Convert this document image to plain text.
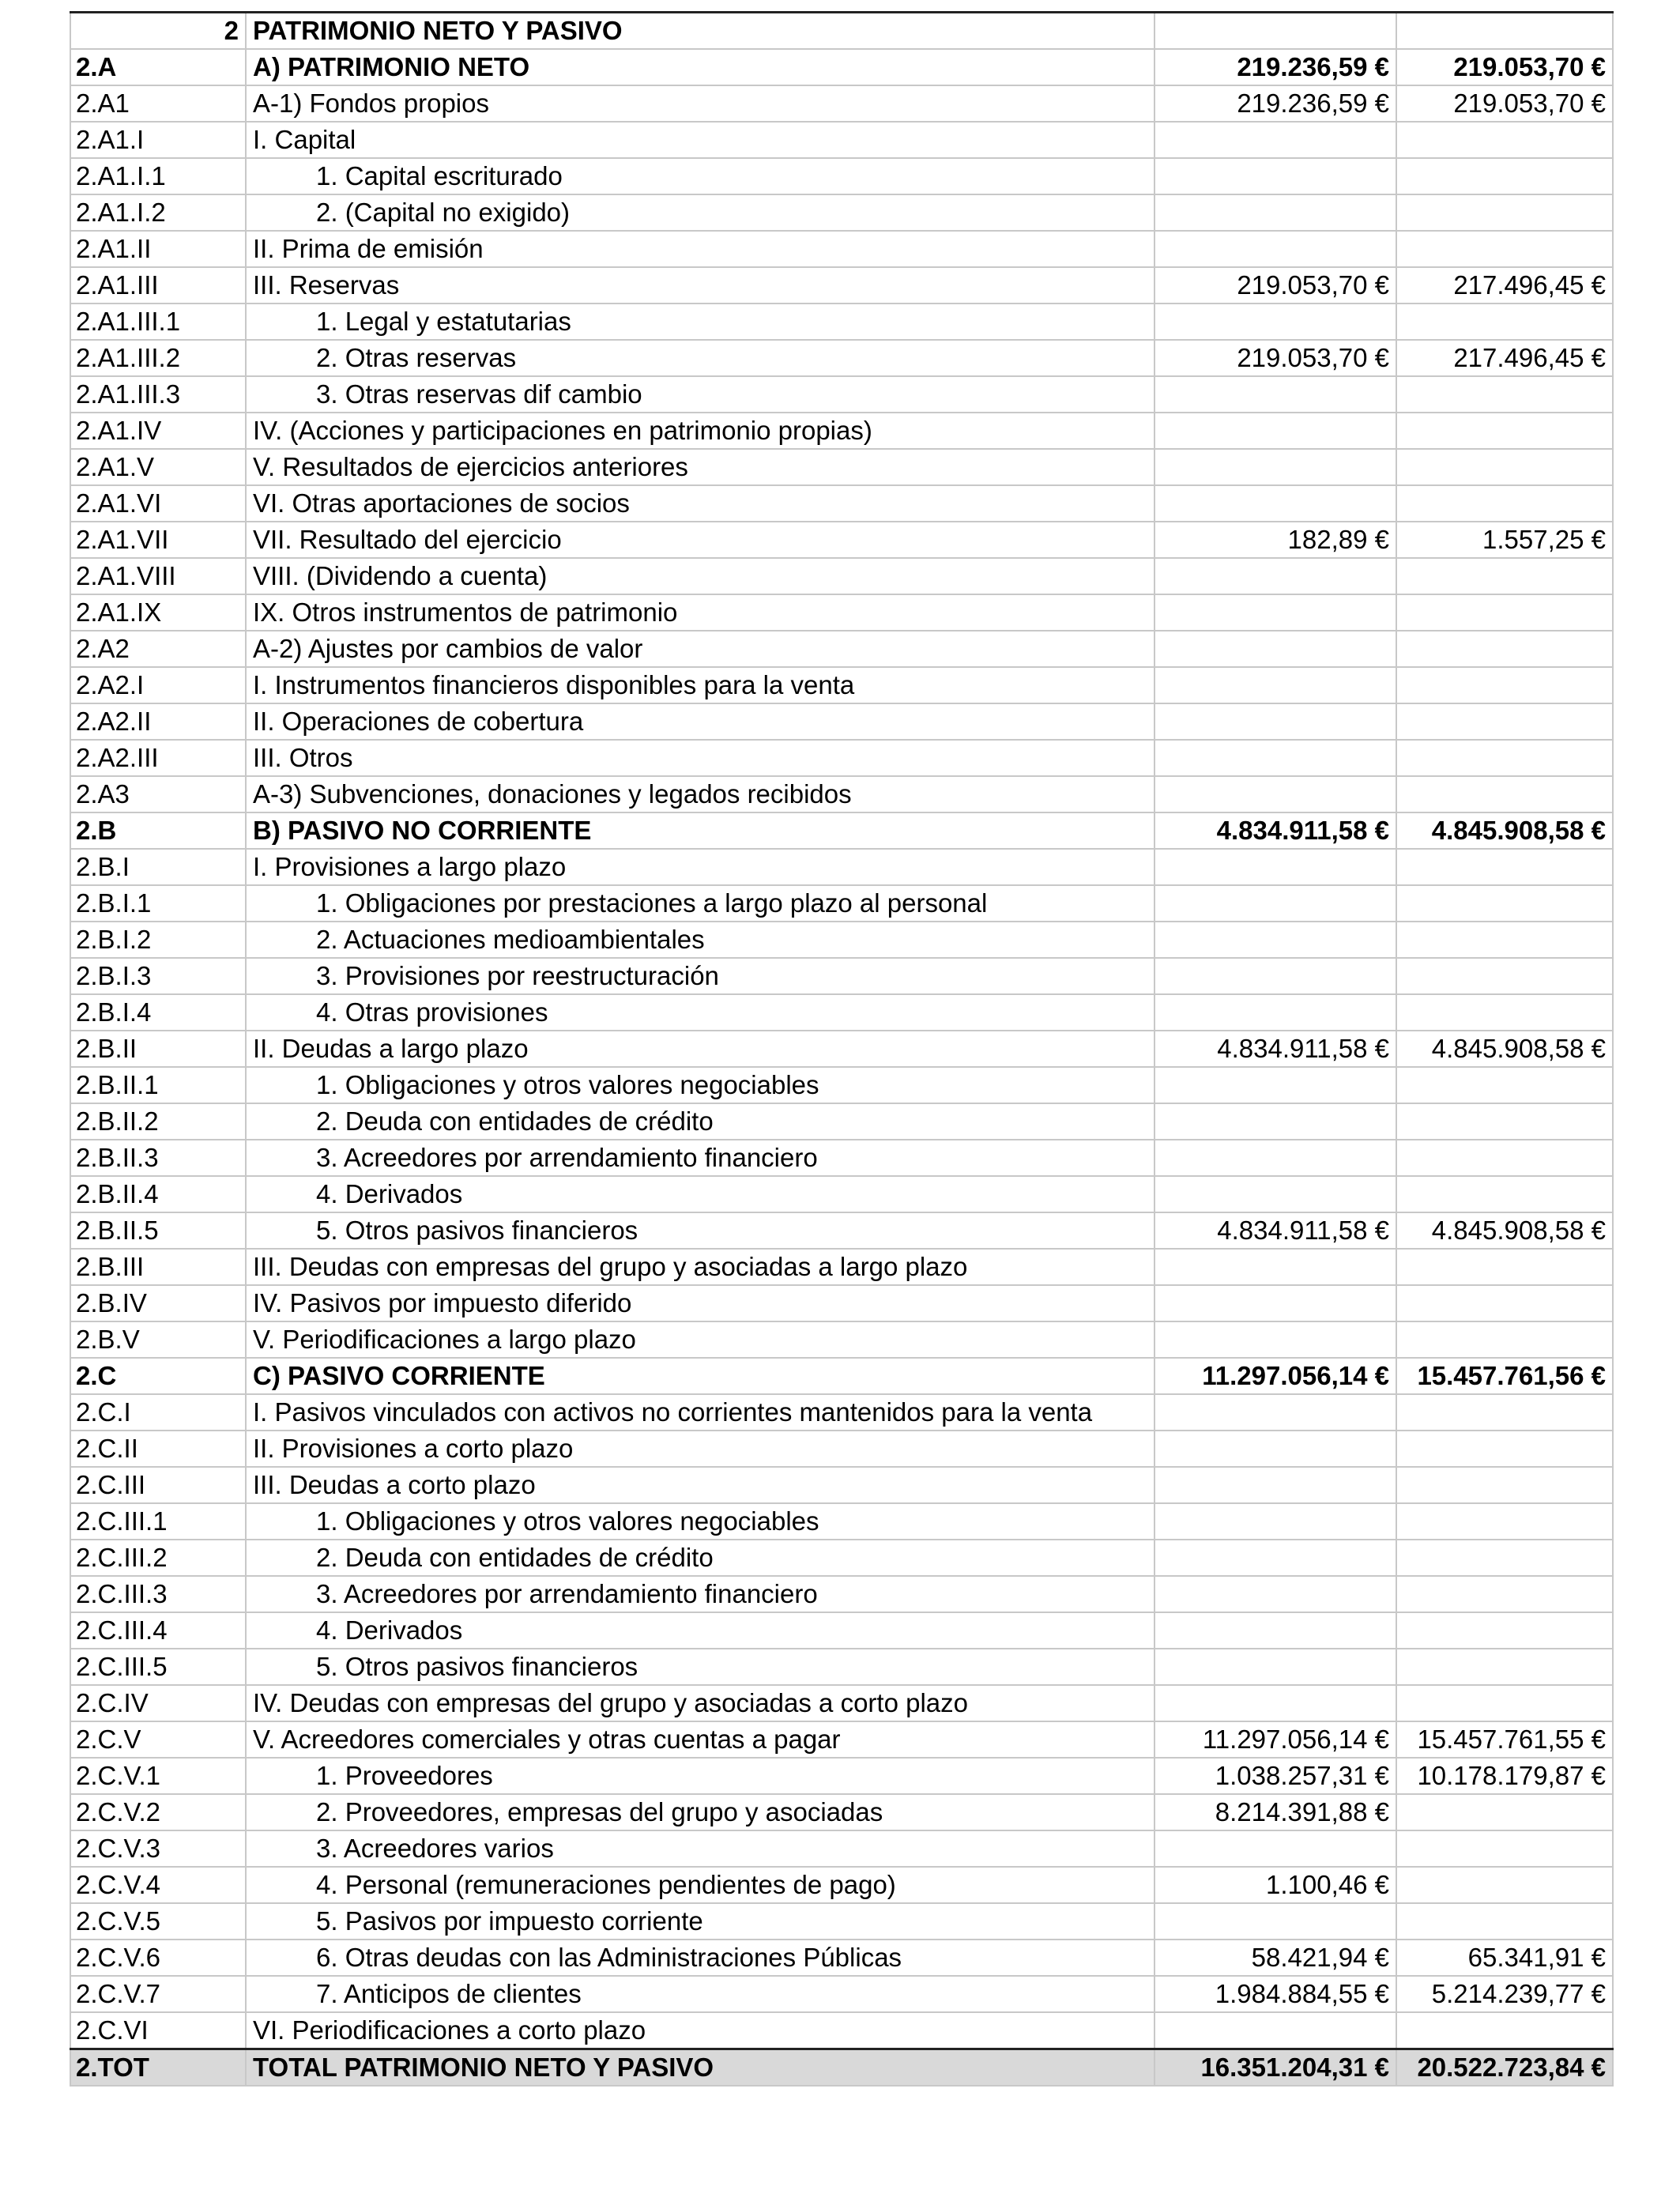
2	PATRIMONIO NETO Y PASIVO		
2.A	A) PATRIMONIO NETO	219.236,59 €	219.053,70 €
2.A1	A-1) Fondos propios	219.236,59 €	219.053,70 €
2.A1.I	I. Capital		
2.A1.I.1	1. Capital escriturado		
2.A1.I.2	2. (Capital no exigido)		
2.A1.II	II. Prima de emisión		
2.A1.III	III. Reservas	219.053,70 €	217.496,45 €
2.A1.III.1	1. Legal y estatutarias		
2.A1.III.2	2. Otras reservas	219.053,70 €	217.496,45 €
2.A1.III.3	3. Otras reservas dif cambio		
2.A1.IV	IV. (Acciones y participaciones en patrimonio propias)		
2.A1.V	V. Resultados de ejercicios anteriores		
2.A1.VI	VI. Otras aportaciones de socios		
2.A1.VII	VII. Resultado del ejercicio	182,89 €	1.557,25 €
2.A1.VIII	VIII. (Dividendo a cuenta)		
2.A1.IX	IX. Otros instrumentos de patrimonio		
2.A2	A-2) Ajustes por cambios de valor		
2.A2.I	I. Instrumentos financieros disponibles para la venta		
2.A2.II	II. Operaciones de cobertura		
2.A2.III	III. Otros		
2.A3	A-3) Subvenciones, donaciones y legados recibidos		
2.B	B) PASIVO NO CORRIENTE	4.834.911,58 €	4.845.908,58 €
2.B.I	I. Provisiones a largo plazo		
2.B.I.1	1. Obligaciones por prestaciones a largo plazo al personal		
2.B.I.2	2. Actuaciones medioambientales		
2.B.I.3	3. Provisiones por reestructuración		
2.B.I.4	4. Otras provisiones		
2.B.II	II. Deudas a largo plazo	4.834.911,58 €	4.845.908,58 €
2.B.II.1	1. Obligaciones y otros valores negociables		
2.B.II.2	2. Deuda con entidades de crédito		
2.B.II.3	3. Acreedores por arrendamiento financiero		
2.B.II.4	4. Derivados		
2.B.II.5	5. Otros pasivos financieros	4.834.911,58 €	4.845.908,58 €
2.B.III	III. Deudas con empresas del grupo y asociadas a largo plazo		
2.B.IV	IV. Pasivos por impuesto diferido		
2.B.V	V. Periodificaciones a largo plazo		
2.C	C) PASIVO CORRIENTE	11.297.056,14 €	15.457.761,56 €
2.C.I	I. Pasivos vinculados con activos no corrientes mantenidos para la venta		
2.C.II	II. Provisiones a corto plazo		
2.C.III	III. Deudas a corto plazo		
2.C.III.1	1. Obligaciones y otros valores negociables		
2.C.III.2	2. Deuda con entidades de crédito		
2.C.III.3	3. Acreedores por arrendamiento financiero		
2.C.III.4	4. Derivados		
2.C.III.5	5. Otros pasivos financieros		
2.C.IV	IV. Deudas con empresas del grupo y asociadas a corto plazo		
2.C.V	V. Acreedores comerciales y otras cuentas a pagar	11.297.056,14 €	15.457.761,55 €
2.C.V.1	1. Proveedores	1.038.257,31 €	10.178.179,87 €
2.C.V.2	2. Proveedores, empresas del grupo y asociadas	8.214.391,88 €	
2.C.V.3	3. Acreedores varios		
2.C.V.4	4. Personal (remuneraciones pendientes de pago)	1.100,46 €	
2.C.V.5	5. Pasivos por impuesto corriente		
2.C.V.6	6. Otras deudas con las Administraciones Públicas	58.421,94 €	65.341,91 €
2.C.V.7	7. Anticipos de clientes	1.984.884,55 €	5.214.239,77 €
2.C.VI	VI. Periodificaciones a corto plazo		
2.TOT	TOTAL PATRIMONIO NETO Y PASIVO	16.351.204,31 €	20.522.723,84 €
